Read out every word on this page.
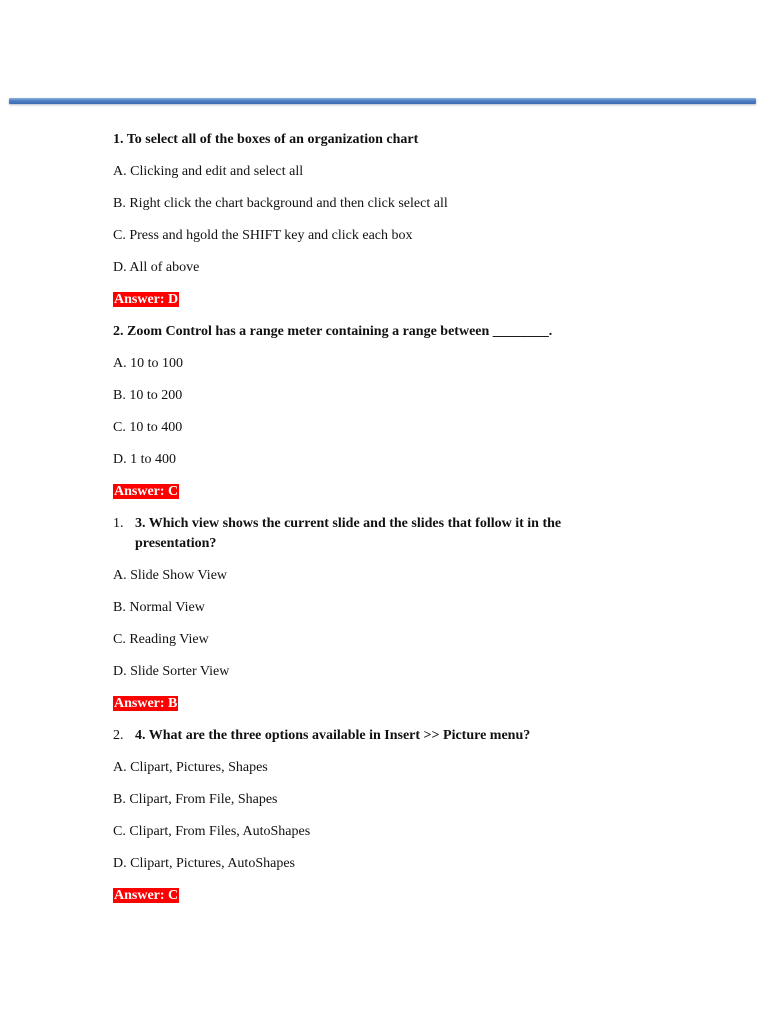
1. To select all of the boxes of an organization chart
A. Clicking and edit and select all
B. Right click the chart background and then click select all
C. Press and hgold the SHIFT key and click each box
D. All of above
Answer: D
2. Zoom Control has a range meter containing a range between ________.
A. 10 to 100
B. 10 to 200
C. 10 to 400
D. 1 to 400
Answer: C
1. 3. Which view shows the current slide and the slides that follow it in the
presentation?
A. Slide Show View
B. Normal View
C. Reading View
D. Slide Sorter View
Answer: B
2. 4. What are the three options available in Insert >> Picture menu?
A. Clipart, Pictures, Shapes
B. Clipart, From File, Shapes
C. Clipart, From Files, AutoShapes
D. Clipart, Pictures, AutoShapes
Answer: C
